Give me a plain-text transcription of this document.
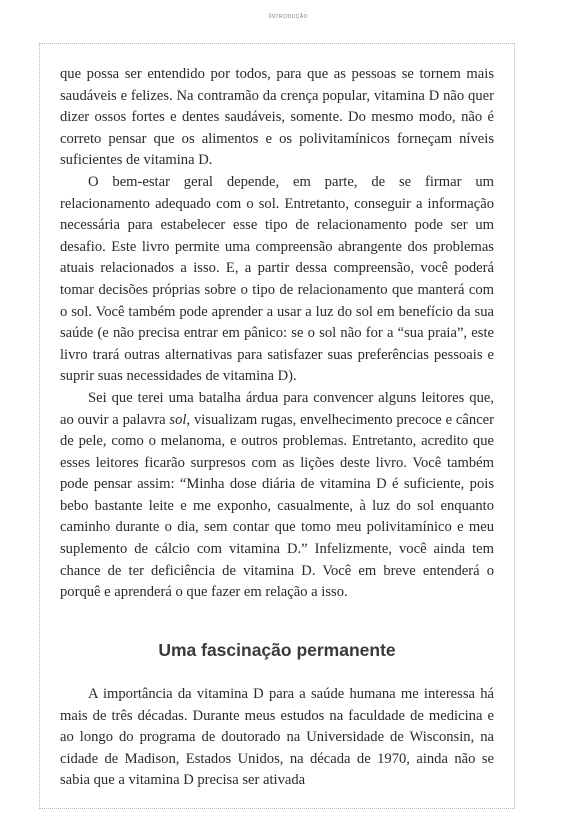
Introdução

que possa ser entendido por todos, para que as pessoas se tornem mais saudáveis e felizes. Na contramão da crença popular, vitamina D não quer dizer ossos fortes e dentes saudáveis, somente. Do mesmo modo, não é correto pensar que os alimentos e os polivitamínicos forneçam níveis suficientes de vitamina D.

O bem-estar geral depende, em parte, de se firmar um relacionamento adequado com o sol. Entretanto, conseguir a informação necessária para estabelecer esse tipo de relacionamento pode ser um desafio. Este livro permite uma compreensão abrangente dos problemas atuais relacionados a isso. E, a partir dessa compreensão, você poderá tomar decisões próprias sobre o tipo de relacionamento que manterá com o sol. Você também pode aprender a usar a luz do sol em benefício da sua saúde (e não precisa entrar em pânico: se o sol não for a “sua praia”, este livro trará outras alternativas para satisfazer suas preferências pessoais e suprir suas necessidades de vitamina D).

Sei que terei uma batalha árdua para convencer alguns leitores que, ao ouvir a palavra sol, visualizam rugas, envelhecimento precoce e câncer de pele, como o melanoma, e outros problemas. Entretanto, acredito que esses leitores ficarão surpresos com as lições deste livro. Você também pode pensar assim: “Minha dose diária de vitamina D é suficiente, pois bebo bastante leite e me exponho, casualmente, à luz do sol enquanto caminho durante o dia, sem contar que tomo meu polivitamínico e meu suplemento de cálcio com vitamina D.” Infelizmente, você ainda tem chance de ter deficiência de vitamina D. Você em breve entenderá o porquê e aprenderá o que fazer em relação a isso.

Uma fascinação permanente

A importância da vitamina D para a saúde humana me interessa há mais de três décadas. Durante meus estudos na faculdade de medicina e ao longo do programa de doutorado na Universidade de Wisconsin, na cidade de Madison, Estados Unidos, na década de 1970, ainda não se sabia que a vitamina D precisa ser ativada
